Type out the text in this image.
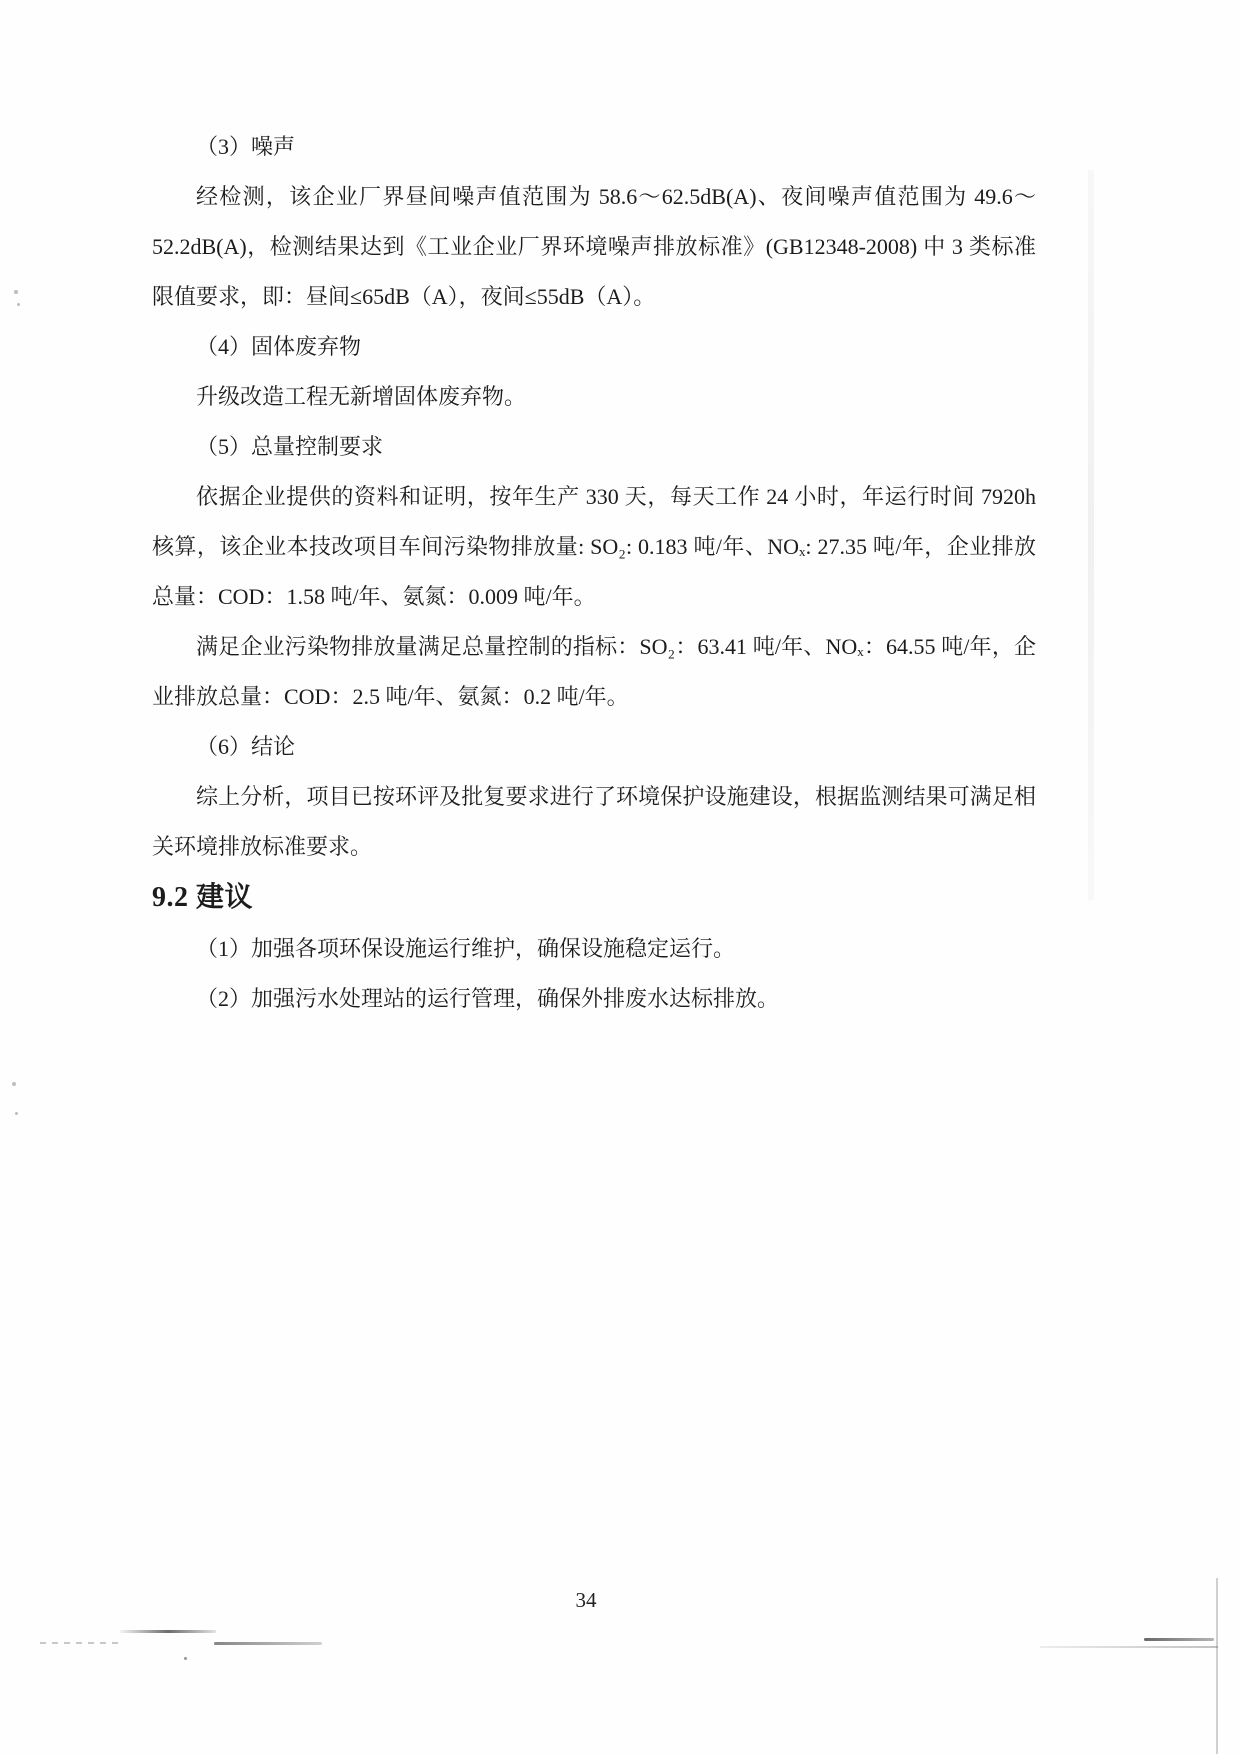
（3）噪声

经检测，该企业厂界昼间噪声值范围为 58.6～62.5dB(A)、夜间噪声值范围为 49.6～52.2dB(A)，检测结果达到《工业企业厂界环境噪声排放标准》(GB12348-2008) 中 3 类标准限值要求，即：昼间≤65dB（A），夜间≤55dB（A）。

（4）固体废弃物

升级改造工程无新增固体废弃物。

（5）总量控制要求

依据企业提供的资料和证明，按年生产 330 天，每天工作 24 小时，年运行时间 7920h 核算，该企业本技改项目车间污染物排放量: SO₂: 0.183 吨/年、NOₓ: 27.35 吨/年，企业排放总量：COD：1.58 吨/年、氨氮：0.009 吨/年。

满足企业污染物排放量满足总量控制的指标：SO₂：63.41 吨/年、NOₓ：64.55 吨/年，企业排放总量：COD：2.5 吨/年、氨氮：0.2 吨/年。

（6）结论

综上分析，项目已按环评及批复要求进行了环境保护设施建设，根据监测结果可满足相关环境排放标准要求。

9.2 建议

（1）加强各项环保设施运行维护，确保设施稳定运行。

（2）加强污水处理站的运行管理，确保外排废水达标排放。

34
